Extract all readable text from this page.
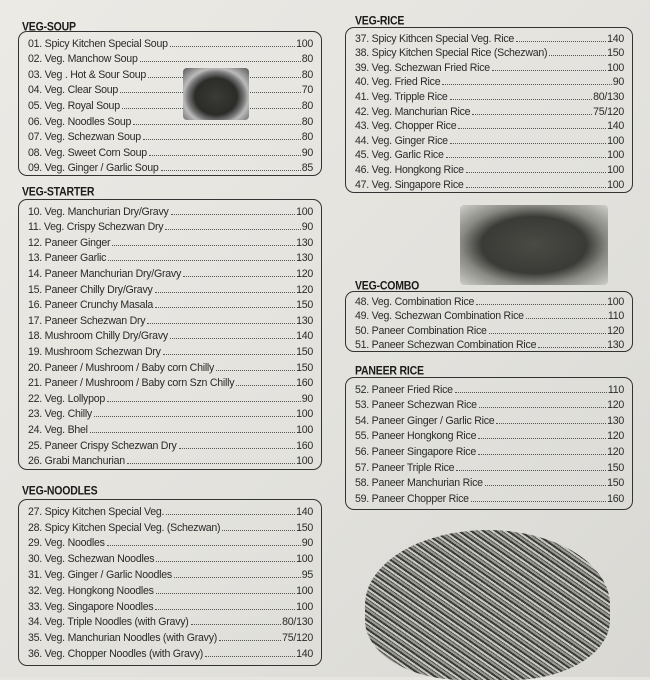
VEG-SOUP
01. Spicy Kitchen Special Soup	100
02. Veg. Manchow Soup	80
03. Veg . Hot & Sour Soup	80
04. Veg. Clear Soup	70
05. Veg. Royal Soup	80
06. Veg. Noodles Soup	80
07. Veg. Schezwan Soup	80
08. Veg. Sweet Corn Soup	90
09. Veg. Ginger / Garlic Soup	85
VEG-STARTER
10. Veg. Manchurian Dry/Gravy	100
11. Veg. Crispy Schezwan Dry	90
12. Paneer Ginger	130
13. Paneer Garlic	130
14. Paneer Manchurian Dry/Gravy	120
15. Paneer Chilly Dry/Gravy	120
16. Paneer Crunchy Masala	150
17. Paneer Schezwan Dry	130
18. Mushroom Chilly Dry/Gravy	140
19. Mushroom Schezwan Dry	150
20. Paneer / Mushroom / Baby corn Chilly	150
21. Paneer / Mushroom / Baby corn Szn Chilly	160
22. Veg. Lollypop	90
23. Veg. Chilly	100
24. Veg. Bhel	100
25. Paneer Crispy Schezwan Dry	160
26. Grabi Manchurian	100
VEG-NOODLES
27. Spicy Kitchen Special Veg.	140
28. Spicy Kitchen Special Veg. (Schezwan)	150
29. Veg. Noodles	90
30. Veg. Schezwan Noodles	100
31. Veg. Ginger / Garlic Noodles	95
32. Veg. Hongkong Noodles	100
33. Veg. Singapore Noodles	100
34. Veg. Triple Noodles (with Gravy)	80/130
35. Veg. Manchurian Noodles (with Gravy)	75/120
36. Veg. Chopper Noodles (with Gravy)	140
VEG-RICE
37. Spicy Kithcen Special Veg. Rice	140
38. Spicy Kitchen Special Rice (Schezwan)	150
39. Veg. Schezwan Fried Rice	100
40. Veg. Fried Rice	90
41. Veg. Tripple Rice	80/130
42. Veg. Manchurian Rice	75/120
43. Veg. Chopper Rice	140
44. Veg. Ginger Rice	100
45. Veg. Garlic Rice	100
46. Veg. Hongkong Rice	100
47. Veg. Singapore Rice	100
VEG-COMBO
48. Veg. Combination Rice	100
49. Veg. Schezwan Combination Rice	110
50. Paneer Combination Rice	120
51. Paneer Schezwan Combination Rice	130
PANEER RICE
52. Paneer Fried Rice	110
53. Paneer Schezwan Rice	120
54. Paneer Ginger / Garlic Rice	130
55. Paneer Hongkong Rice	120
56. Paneer Singapore Rice	120
57. Paneer Triple Rice	150
58. Paneer Manchurian Rice	150
59. Paneer Chopper Rice	160
